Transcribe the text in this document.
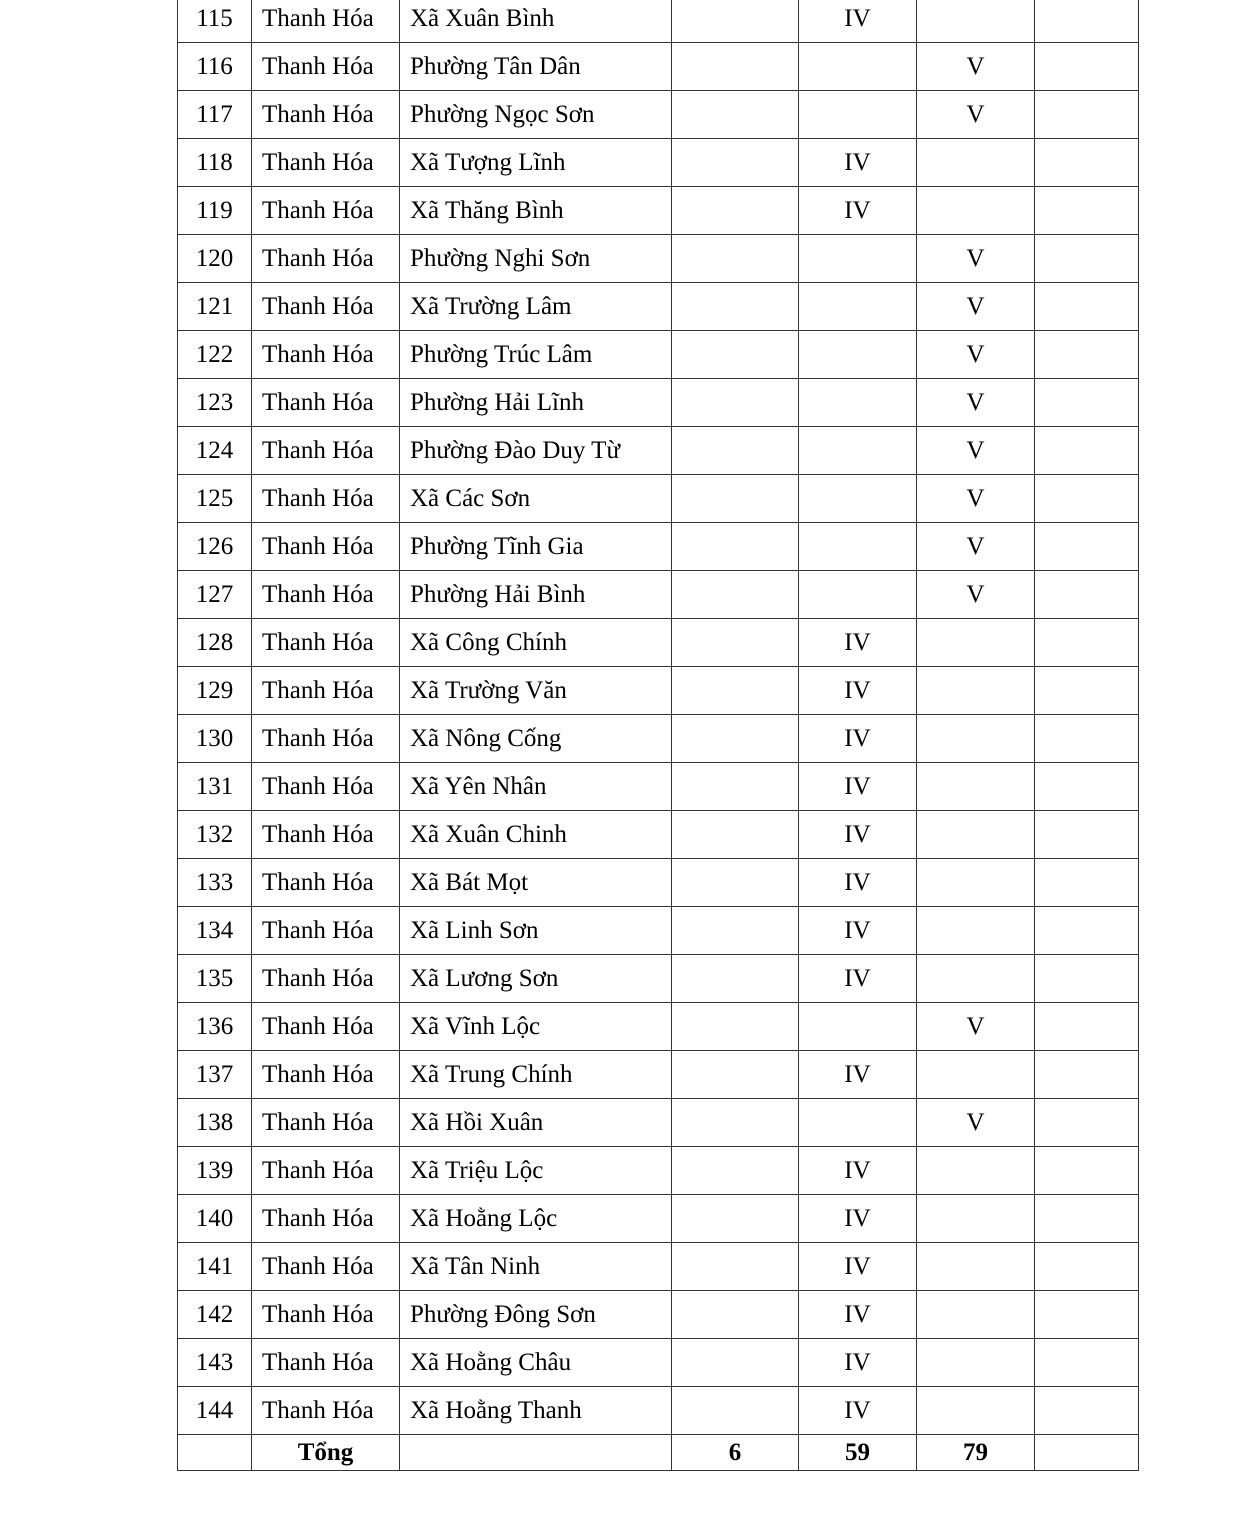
115	Thanh Hóa	Xã Xuân Bình		IV		
116	Thanh Hóa	Phường Tân Dân			V	
117	Thanh Hóa	Phường Ngọc Sơn			V	
118	Thanh Hóa	Xã Tượng Lĩnh		IV		
119	Thanh Hóa	Xã Thăng Bình		IV		
120	Thanh Hóa	Phường Nghi Sơn			V	
121	Thanh Hóa	Xã Trường Lâm			V	
122	Thanh Hóa	Phường Trúc Lâm			V	
123	Thanh Hóa	Phường Hải Lĩnh			V	
124	Thanh Hóa	Phường Đào Duy Từ			V	
125	Thanh Hóa	Xã Các Sơn			V	
126	Thanh Hóa	Phường Tĩnh Gia			V	
127	Thanh Hóa	Phường Hải Bình			V	
128	Thanh Hóa	Xã Công Chính		IV		
129	Thanh Hóa	Xã Trường Văn		IV		
130	Thanh Hóa	Xã Nông Cống		IV		
131	Thanh Hóa	Xã Yên Nhân		IV		
132	Thanh Hóa	Xã Xuân Chinh		IV		
133	Thanh Hóa	Xã Bát Mọt		IV		
134	Thanh Hóa	Xã Linh Sơn		IV		
135	Thanh Hóa	Xã Lương Sơn		IV		
136	Thanh Hóa	Xã Vĩnh Lộc			V	
137	Thanh Hóa	Xã Trung Chính		IV		
138	Thanh Hóa	Xã Hồi Xuân			V	
139	Thanh Hóa	Xã Triệu Lộc		IV		
140	Thanh Hóa	Xã Hoằng Lộc		IV		
141	Thanh Hóa	Xã Tân Ninh		IV		
142	Thanh Hóa	Phường Đông Sơn		IV		
143	Thanh Hóa	Xã Hoằng Châu		IV		
144	Thanh Hóa	Xã Hoằng Thanh		IV		
	Tổng		6	59	79	
